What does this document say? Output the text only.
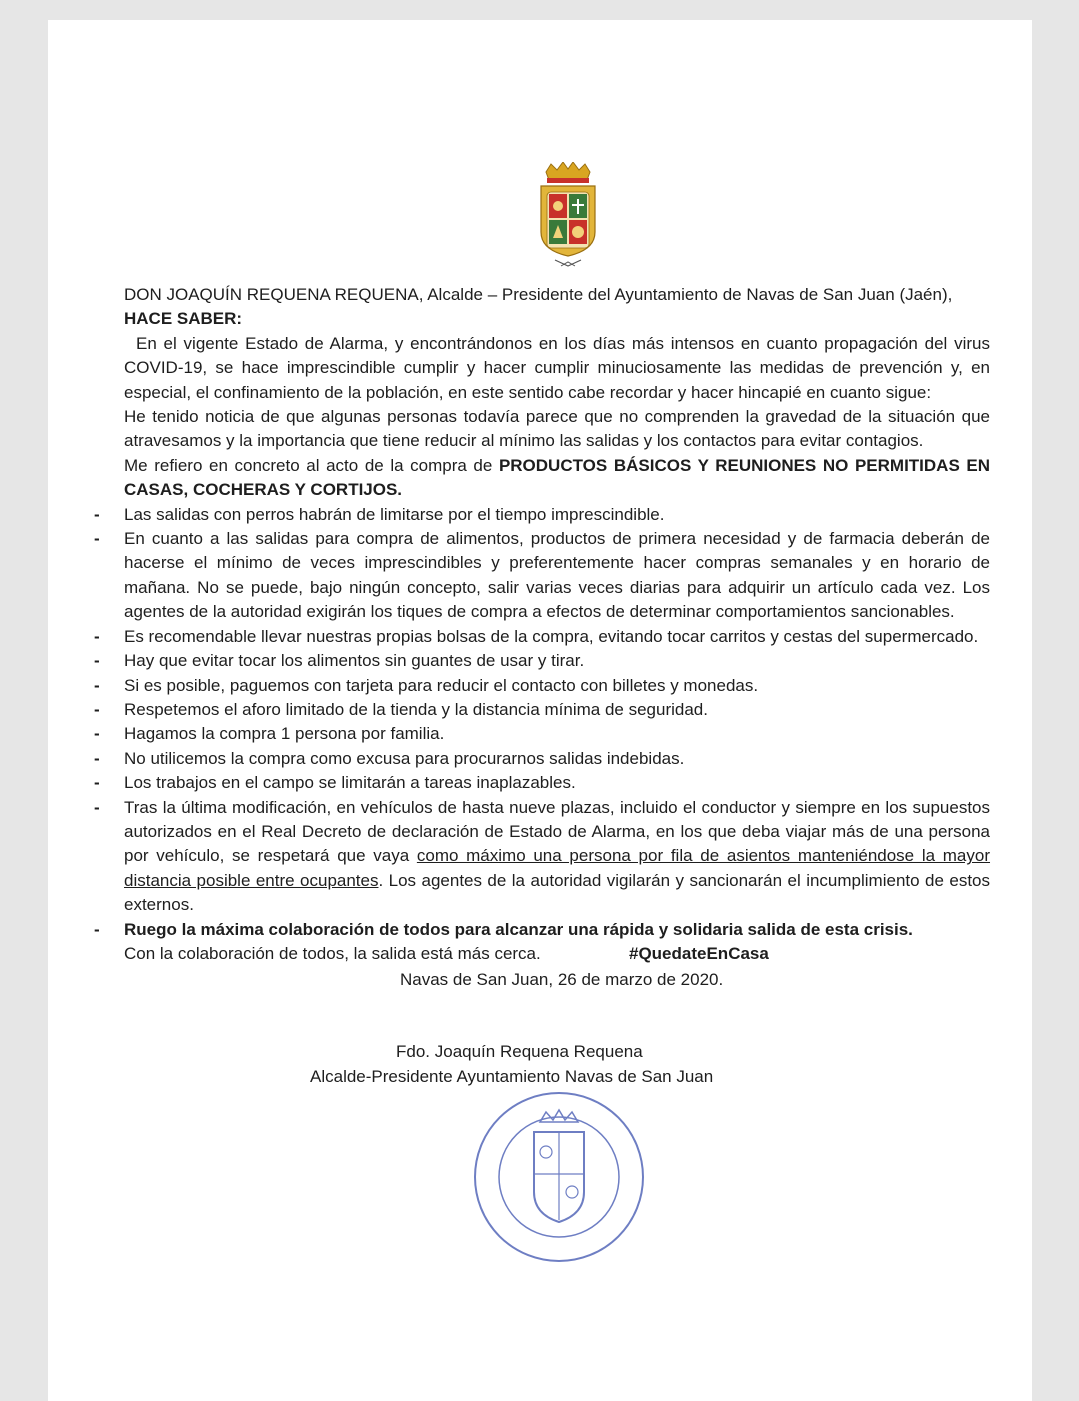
DON JOAQUÍN REQUENA REQUENA, Alcalde – Presidente del Ayuntamiento de Navas de San Juan (Jaén),

HACE SABER:

En el vigente Estado de Alarma, y encontrándonos en los días más intensos en cuanto propagación del virus COVID-19, se hace imprescindible cumplir y hacer cumplir minuciosamente las medidas de prevención y, en especial, el confinamiento de la población, en este sentido cabe recordar y hacer hincapié en cuanto sigue:

He tenido noticia de que algunas personas todavía parece que no comprenden la gravedad de la situación que atravesamos y la importancia que tiene reducir al mínimo las salidas y los contactos para evitar contagios.

Me refiero en concreto al acto de la compra de PRODUCTOS BÁSICOS Y REUNIONES NO PERMITIDAS EN CASAS, COCHERAS Y CORTIJOS.

- Las salidas con perros habrán de limitarse por el tiempo imprescindible.
- En cuanto a las salidas para compra de alimentos, productos de primera necesidad y de farmacia deberán de hacerse el mínimo de veces imprescindibles y preferentemente hacer compras semanales y en horario de mañana. No se puede, bajo ningún concepto, salir varias veces diarias para adquirir un artículo cada vez. Los agentes de la autoridad exigirán los tiques de compra a efectos de determinar comportamientos sancionables.
- Es recomendable llevar nuestras propias bolsas de la compra, evitando tocar carritos y cestas del supermercado.
- Hay que evitar tocar los alimentos sin guantes de usar y tirar.
- Si es posible, paguemos con tarjeta para reducir el contacto con billetes y monedas.
- Respetemos el aforo limitado de la tienda y la distancia mínima de seguridad.
- Hagamos la compra 1 persona por familia.
- No utilicemos la compra como excusa para procurarnos salidas indebidas.
- Los trabajos en el campo se limitarán a tareas inaplazables.
- Tras la última modificación, en vehículos de hasta nueve plazas, incluido el conductor y siempre en los supuestos autorizados en el Real Decreto de declaración de Estado de Alarma, en los que deba viajar más de una persona por vehículo, se respetará que vaya como máximo una persona por fila de asientos manteniéndose la mayor distancia posible entre ocupantes. Los agentes de la autoridad vigilarán y sancionarán el incumplimiento de estos externos.
- Ruego la máxima colaboración de todos para alcanzar una rápida y solidaria salida de esta crisis.
Con la colaboración de todos, la salida está más cerca.	#QuedateEnCasa
Navas de San Juan, 26 de marzo de 2020.
Fdo. Joaquín Requena Requena
Alcalde-Presidente Ayuntamiento Navas de San Juan
